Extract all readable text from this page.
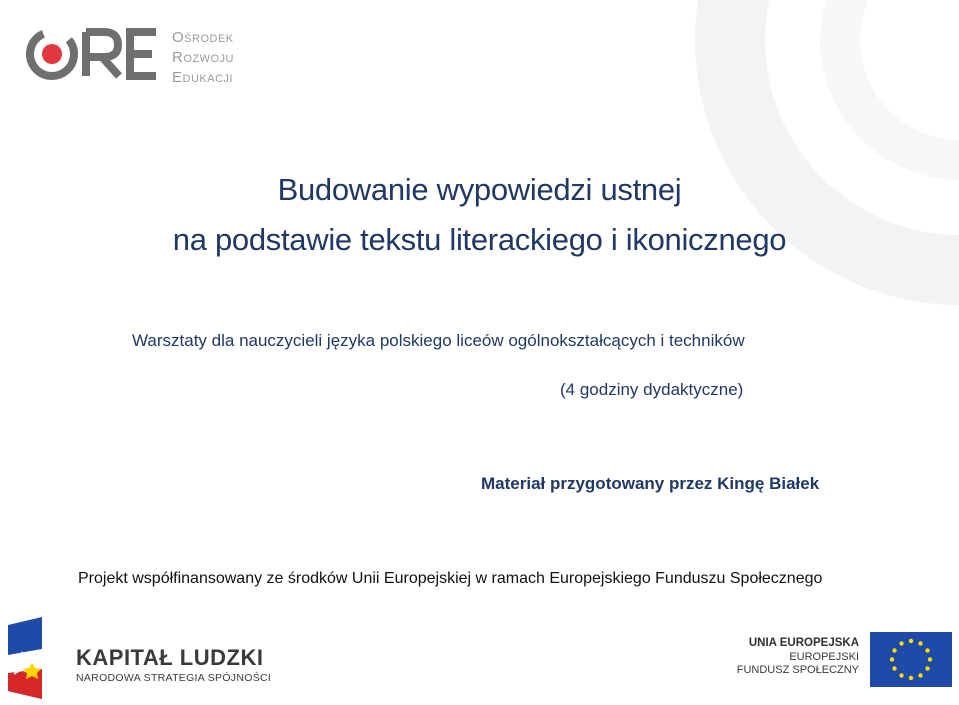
Ośrodek
Rozwoju
Edukacji
Budowanie wypowiedzi ustnej
na podstawie tekstu literackiego i ikonicznego
Warsztaty dla nauczycieli języka polskiego liceów ogólnokształcących i techników
(4 godziny dydaktyczne)
Materiał przygotowany przez Kingę Białek
Projekt współfinansowany ze środków Unii Europejskiej w ramach Europejskiego Funduszu Społecznego
KAPITAŁ LUDZKI
NARODOWA STRATEGIA SPÓJNOŚCI
UNIA EUROPEJSKA
EUROPEJSKI
FUNDUSZ SPOŁECZNY
